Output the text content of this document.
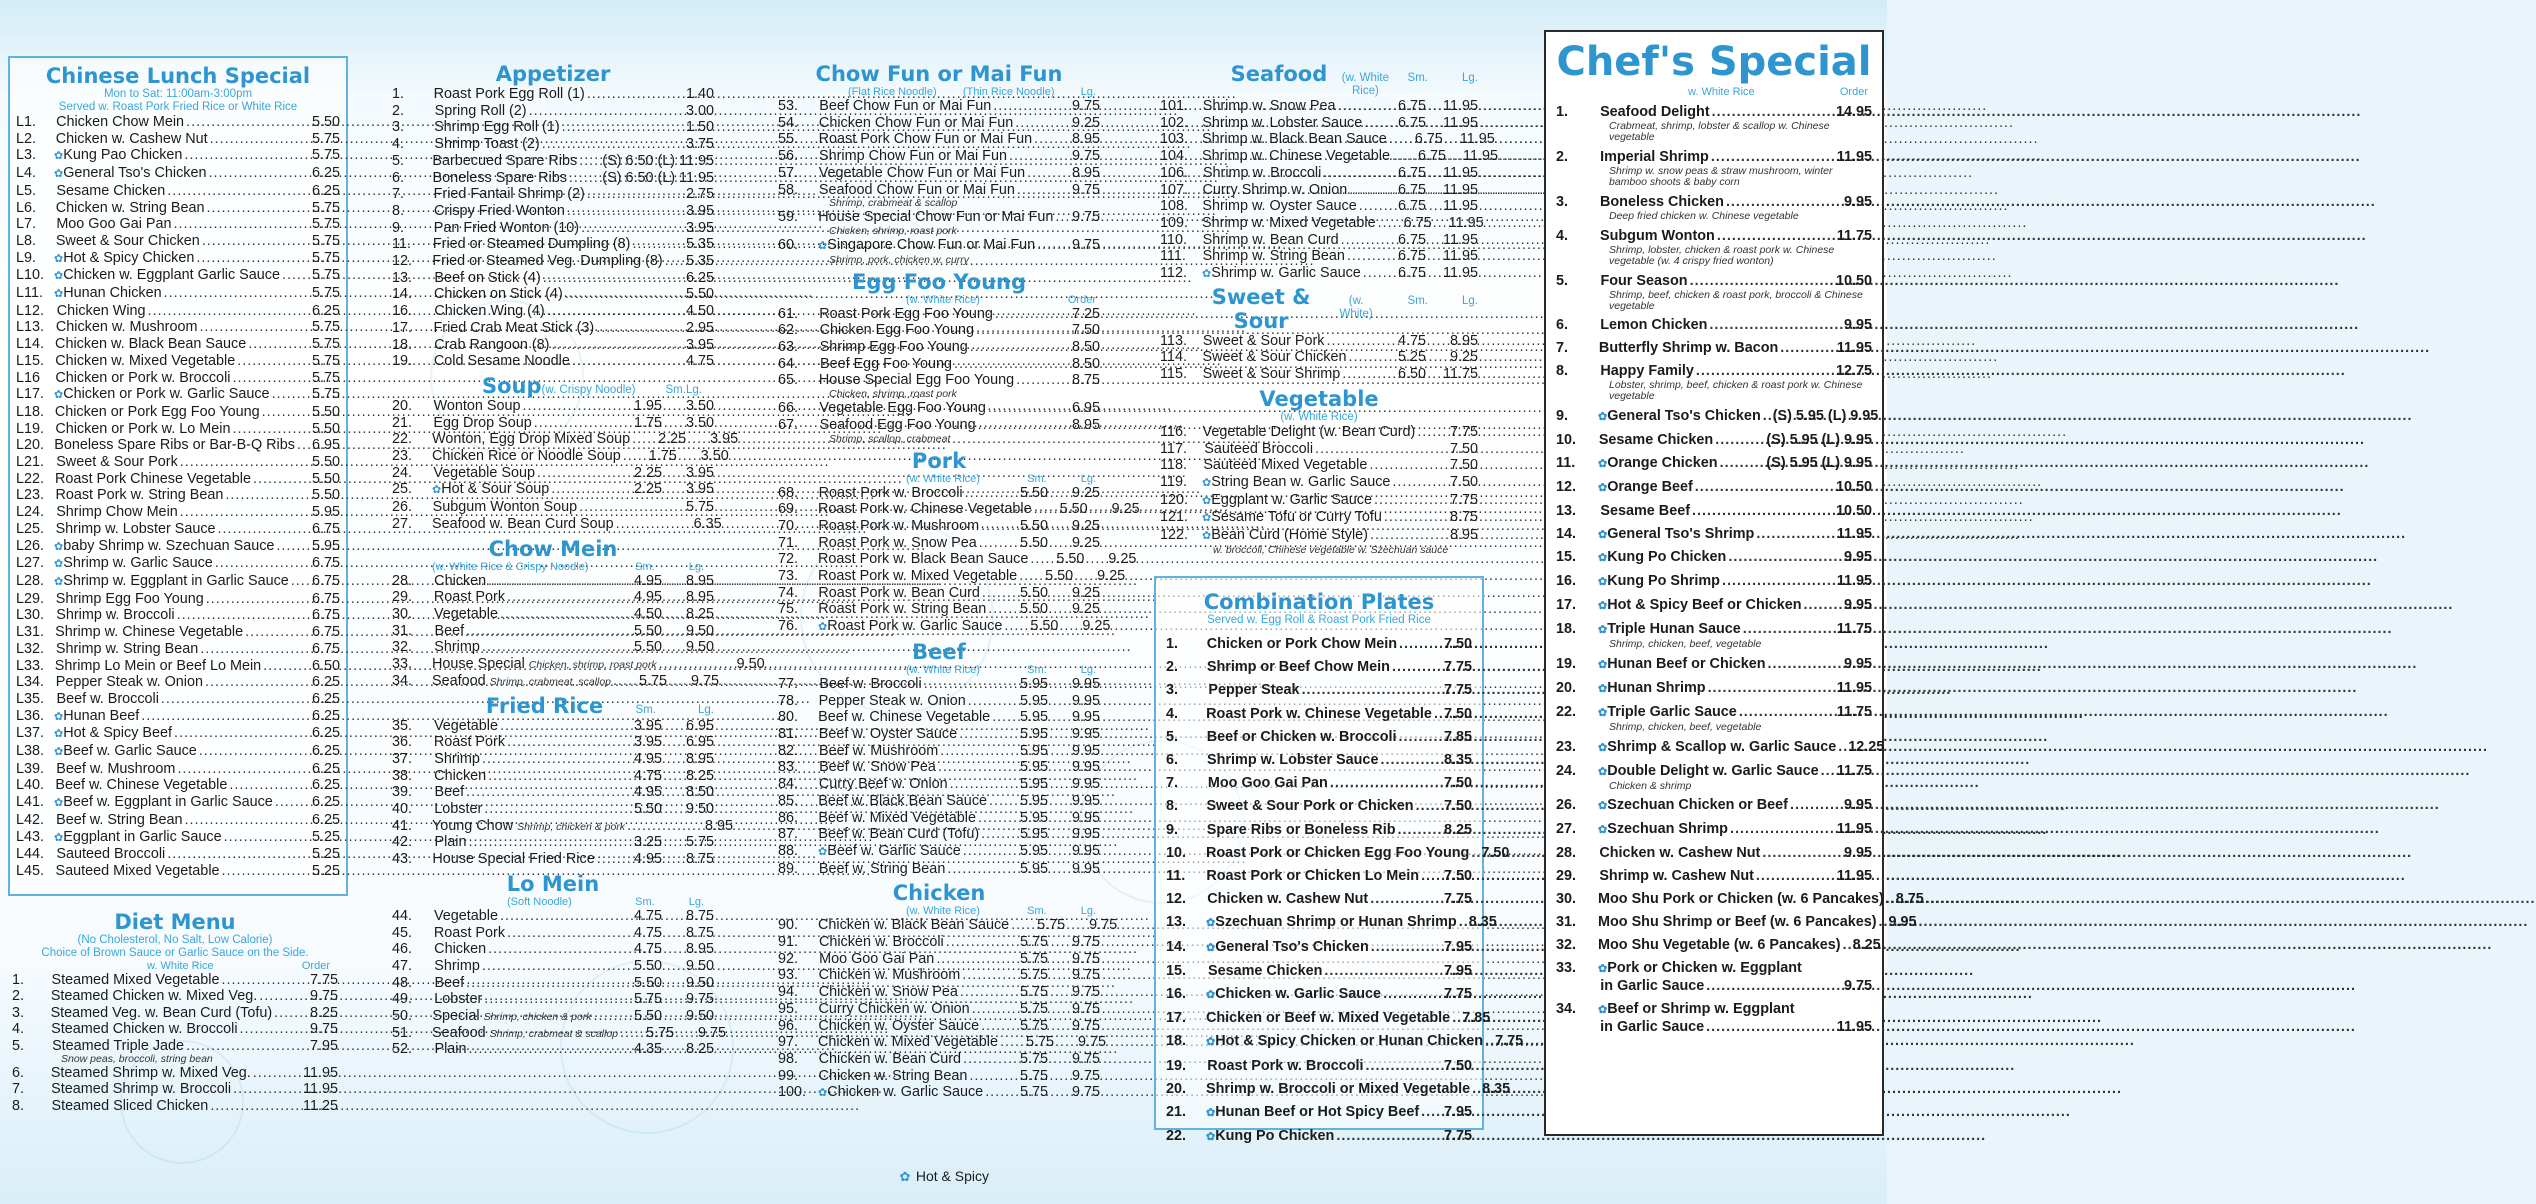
Chinese Lunch Special
Mon to Sat: 11:00am-3:00pm
Served w. Roast Pork Fried Rice or White Rice
L1.	Chicken Chow Mein .....	5.50
L2.	Chicken w. Cashew Nut .....	5.75
L3.	✿ Kung Pao Chicken .....	5.75
L4.	✿ General Tso's Chicken .....	6.25
L5.	Sesame Chicken .....	6.25
L6.	Chicken w. String Bean .....	5.75
L7.	Moo Goo Gai Pan .....	5.75
L8.	Sweet & Sour Chicken .....	5.75
L9.	✿ Hot & Spicy Chicken .....	5.75
L10. ✿ Chicken w. Eggplant Garlic Sauce ..... 5.75
L11.	✿ Hunan Chicken .....	5.75
L12. Chicken Wing .....	6.25
L13. Chicken w. Mushroom .....	5.75
L14. Chicken w. Black Bean Sauce .....	5.75
L15. Chicken w. Mixed Vegetable .....	5.75
L16	Chicken or Pork w. Broccoli .....	5.75
L17. ✿ Chicken or Pork w. Garlic Sauce .....	5.75
L18. Chicken or Pork Egg Foo Young .....	5.50
L19. Chicken or Pork w. Lo Mein .....	5.50
L20. Boneless Spare Ribs or Bar-B-Q Ribs ..... 6.95
L21. Sweet & Sour Pork .....	5.50
L22. Roast Pork Chinese Vegetable .....	5.50
L23. Roast Pork w. String Bean .....	5.50
L24. Shrimp Chow Mein .....	5.95
L25. Shrimp w. Lobster Sauce .....	6.75
L26. ✿ baby Shrimp w. Szechuan Sauce .....	5.95
L27. ✿ Shrimp w. Garlic Sauce .....	6.75
L28. ✿ Shrimp w. Eggplant in Garlic Sauce ..... 6.75
L29. Shrimp Egg Foo Young .....	6.75
L30. Shrimp w. Broccoli .....	6.75
L31. Shrimp w. Chinese Vegetable .....	6.75
L32. Shrimp w. String Bean .....	6.75
L33. Shrimp Lo Mein or Beef Lo Mein .....	6.50
L34. Pepper Steak w. Onion .....	6.25
L35. Beef w. Broccoli .....	6.25
L36. ✿ Hunan Beef .....	6.25
L37. ✿ Hot & Spicy Beef .....	6.25
L38. ✿ Beef w. Garlic Sauce .....	6.25
L39. Beef w. Mushroom .....	6.25
L40. Beef w. Chinese Vegetable .....	6.25
L41. ✿ Beef w. Eggplant in Garlic Sauce .....	6.25
L42. Beef w. String Bean .....	6.25
L43. ✿ Eggplant in Garlic Sauce .....	5.25
L44. Sauteed Broccoli .....	5.25
L45. Sauteed Mixed Vegetable .....	5.25
Diet Menu
(No Cholesterol, No Salt, Low Calorie)
Choice of Brown Sauce or Garlic Sauce on the Side.
w. White Rice	Order
1.	Steamed Mixed Vegetable .....	7.75
2.	Steamed Chicken w. Mixed Veg. .....	9.75
3.	Steamed Veg. w. Bean Curd (Tofu) .....	8.25
4.	Steamed Chicken w. Broccoli .....	9.75
5.	Steamed Triple Jade .....	7.95
Snow peas, broccoli, string bean
6.	Steamed Shrimp w. Mixed Veg. .....	11.95
7.	Steamed Shrimp w. Broccoli .....	11.95
8.	Steamed Sliced Chicken .....	11.25
Appetizer
1.	Roast Pork Egg Roll (1) .....	1.40
2.	Spring Roll (2) .....	3.00
3.	Shrimp Egg Roll (1) .....	1.50
4.	Shrimp Toast (2) .....	3.75
5.	Barbecued Spare Ribs ..... (S) 6.50 (L) 11.95
6.	Boneless Spare Ribs ..... (S) 6.50 (L) 11.95
7.	Fried Fantail Shrimp (2) .....	2.75
8.	Crispy Fried Wonton .....	3.95
9.	Pan Fried Wonton (10) .....	3.95
11.	Fried or Steamed Dumpling (8) .....	5.35
12.	Fried or Steamed Veg. Dumpling (8) ..... 5.35
13.	Beef on Stick (4) .....	6.25
14.	Chicken on Stick (4) .....	5.50
16.	Chicken Wing (4) .....	4.50
17.	Fried Crab Meat Stick (3) .....	2.95
18.	Crab Rangoon (8) .....	3.95
19.	Cold Sesame Noodle .....	4.75
Soup (w. Crispy Noodle)	Sm. Lg.
20.	Wonton Soup .....	1.95	3.50
21.	Egg Drop Soup .....	1.75	3.50
22.	Wonton, Egg Drop Mixed Soup .....	2.25	3.95
23.	Chicken Rice or Noodle Soup .....	1.75	3.50
24.	Vegetable Soup .....	2.25	3.95
25.	✿ Hot & Sour Soup .....	2.25	3.95
26.	Subgum Wonton Soup .....	5.75
27.	Seafood w. Bean Curd Soup .....	6.35
Chow Mein
(w. White Rice & Crispy Noodle)	Sm.	Lg.
28.	Chicken .....	4.95	8.95
29.	Roast Pork .....	4.95	8.95
30.	Vegetable .....	4.50	8.25
31.	Beef .....	5.50	9.50
32.	Shrimp .....	5.50	9.50
33.	House Special Chicken, shrimp, roast pork .....	9.50
34.	Seafood Shrimp, crabmeat, scallop .....	5.75	9.75
Fried Rice	Sm.	Lg.
35.	Vegetable .....	3.95	6.95
36.	Roast Pork .....	3.95	6.95
37.	Shrimp .....	4.95	8.95
38.	Chicken .....	4.75	8.25
39.	Beef .....	4.95	8.50
40.	Lobster .....	5.50	9.50
41.	Young Chow Shrimp, chicken & pork .....	8.95
42.	Plain .....	3.25	5.75
43.	House Special Fried Rice .....	4.95	8.75
Lo Mein
(Soft Noodle)	Sm.	Lg.
44.	Vegetable .....	4.75	8.75
45.	Roast Pork .....	4.75	8.75
46.	Chicken .....	4.75	8.95
47.	Shrimp .....	5.50	9.50
48.	Beef .....	5.50	9.50
49.	Lobster .....	5.75	9.75
50.	Special Shrimp, chicken & pork .....	5.50	9.50
51.	Seafood Shrimp, crabmeat & scallop .....	5.75	9.75
52.	Plain .....	4.35	8.25
Chow Fun or Mai Fun
(Flat Rice Noodle) (Thin Rice Noodle) Lg.
53.	Beef Chow Fun or Mai Fun .....	9.75
54.	Chicken Chow Fun or Mai Fun .....	9.25
55.	Roast Pork Chow Fun or Mai Fun .....	8.95
56.	Shrimp Chow Fun or Mai Fun .....	9.75
57.	Vegetable Chow Fun or Mai Fun .....	8.95
58.	Seafood Chow Fun or Mai Fun .....	9.75
Shrimp, crabmeat & scallop
59.	House Special Chow Fun or Mai Fun ..... 9.75
Chicken, shrimp, roast pork
60.	✿ Singapore Chow Fun or Mai Fun .....	9.75
Shrimp, pork, chicken w. curry
Egg Foo Young
(w. White Rice)	Order
61.	Roast Pork Egg Foo Young .....	7.25
62.	Chicken Egg Foo Young .....	7.50
63.	Shrimp Egg Foo Young .....	8.50
64.	Beef Egg Foo Young .....	8.50
65.	House Special Egg Foo Young .....	8.75
Chicken, shrimp, roast pork
66.	Vegetable Egg Foo Young .....	6.95
67.	Seafood Egg Foo Young .....	8.95
Shrimp, scallop, crabmeat
Pork
(w. White Rice)	Sm.	Lg.
68.	Roast Pork w. Broccoli .....	5.50	9.25
69.	Roast Pork w. Chinese Vegetable .....	5.50	9.25
70.	Roast Pork w. Mushroom .....	5.50	9.25
71.	Roast Pork w. Snow Pea .....	5.50	9.25
72.	Roast Pork w. Black Bean Sauce .....	5.50	9.25
73.	Roast Pork w. Mixed Vegetable .....	5.50	9.25
74.	Roast Pork w. Bean Curd .....	5.50	9.25
75.	Roast Pork w. String Bean .....	5.50	9.25
76.	✿ Roast Pork w. Garlic Sauce .....	5.50	9.25
Beef
(w. White Rice)	Sm.	Lg.
77.	Beef w. Broccoli .....	5.95	9.95
78.	Pepper Steak w. Onion .....	5.95	9.95
80.	Beef w. Chinese Vegetable .....	5.95	9.95
81.	Beef w. Oyster Sauce .....	5.95	9.95
82.	Beef w. Mushroom .....	5.95	9.95
83.	Beef w. Snow Pea .....	5.95	9.95
84.	Curry Beef w. Onion .....	5.95	9.95
85.	Beef w. Black Bean Sauce .....	5.95	9.95
86.	Beef w. Mixed Vegetable .....	5.95	9.95
87.	Beef w. Bean Curd (Tofu) .....	5.95	9.95
88.	✿ Beef w. Garlic Sauce .....	5.95	9.95
89.	Beef w. String Bean .....	5.95	9.95
Chicken
(w. White Rice)	Sm.	Lg.
90.	Chicken w. Black Bean Sauce .....	5.75	9.75
91.	Chicken w. Broccoli .....	5.75	9.75
92.	Moo Goo Gai Pan .....	5.75	9.75
93.	Chicken w. Mushroom .....	5.75	9.75
94.	Chicken w. Snow Pea .....	5.75	9.75
95.	Curry Chicken w. Onion .....	5.75	9.75
96.	Chicken w. Oyster Sauce .....	5.75	9.75
97.	Chicken w. Mixed Vegetable .....	5.75	9.75
98.	Chicken w. Bean Curd .....	5.75	9.75
99.	Chicken w. String Bean .....	5.75	9.75
100.	✿ Chicken w. Garlic Sauce .....	5.75	9.75
Seafood	(w. White Rice)
Sm.	Lg.
101.	Shrimp w. Snow Pea .....	6.75	11.95
102. Shrimp w. Lobster Sauce .....	6.75	11.95
103. Shrimp w. Black Bean Sauce .....	6.75	11.95
104. Shrimp w. Chinese Vegetable .....	6.75	11.95
106.	Shrimp w. Broccoli .....	6.75	11.95
107.	Curry Shrimp w. Onion .....	6.75	11.95
108. Shrimp w. Oyster Sauce .....	6.75	11.95
109. Shrimp w. Mixed Vegetable .....	6.75	11.95
110.	Shrimp w. Bean Curd .....	6.75	11.95
111.	Shrimp w. String Bean .....	6.75	11.95
112.	✿ Shrimp w. Garlic Sauce .....	6.75	11.95
Sweet & Sour
(w. White)
Sm.	Lg.
113.	Sweet & Sour Pork .....	4.75	8.95
114.	Sweet & Sour Chicken .....	5.25	9.25
115.	Sweet & Sour Shrimp .....	6.50	11.75
Vegetable
(w. White Rice)
116.	Vegetable Delight (w. Bean Curd) ..... 7.75
117.	Sauteed Broccoli .....	7.50
118.	Sauteed Mixed Vegetable .....	7.50
119.	✿ String Bean w. Garlic Sauce .....	7.50
120.	✿ Eggplant w. Garlic Sauce .....	7.75
121.	✿ Sesame Tofu or Curry Tofu .....	8.75
122.	✿ Bean Curd (Home Style) .....	8.95
w. broccoli, Chinese vegetable w. Szechuan sauce
Combination Plates
Served w. Egg Roll & Roast Pork Fried Rice
1.	Chicken or Pork Chow Mein .....	7.50
2.	Shrimp or Beef Chow Mein .....	7.75
3.	Pepper Steak .....	7.75
4.	Roast Pork w. Chinese Vegetable ..... 7.50
5.	Beef or Chicken w. Broccoli .....	7.85
6.	Shrimp w. Lobster Sauce .....	8.35
7.	Moo Goo Gai Pan .....	7.50
8.	Sweet & Sour Pork or Chicken ..... 7.50
9.	Spare Ribs or Boneless Rib .....	8.25
10.	Roast Pork or Chicken Egg Foo Young ..... 7.50
11.	Roast Pork or Chicken Lo Mein ..... 7.50
12.	Chicken w. Cashew Nut .....	7.75
13.	✿ Szechuan Shrimp or Hunan Shrimp ..... 8.35
14.	✿ General Tso's Chicken .....	7.95
15.	Sesame Chicken .....	7.95
16.	✿ Chicken w. Garlic Sauce .....	7.75
17.	Chicken or Beef w. Mixed Vegetable ..... 7.85
18.	✿ Hot & Spicy Chicken or Hunan Chicken ..... 7.75
19.	Roast Pork w. Broccoli .....	7.50
20.	Shrimp w. Broccoli or Mixed Vegetable ..... 8.35
21.	✿ Hunan Beef or Hot Spicy Beef ..... 7.95
22.	✿ Kung Po Chicken .....	7.75
Chef's Special
w. White Rice	Order
1.	Seafood Delight .....	14.95
Crabmeat, shrimp, lobster & scallop w. Chinese vegetable
2.	Imperial Shrimp .....	11.95
Shrimp w. snow peas & straw mushroom, winter bamboo shoots & baby corn
3.	Boneless Chicken .....	9.95
Deep fried chicken w. Chinese vegetable
4.	Subgum Wonton .....	11.75
Shrimp, lobster, chicken & roast pork w. Chinese vegetable (w. 4 crispy fried wonton)
5.	Four Season .....	10.50
Shrimp, beef, chicken & roast pork, broccoli & Chinese vegetable
6.	Lemon Chicken .....	9.95
7.	Butterfly Shrimp w. Bacon .....	11.95
8.	Happy Family .....	12.75
Lobster, shrimp, beef, chicken & roast pork w. Chinese vegetable
9.	✿ General Tso's Chicken ..... (S) 5.95 (L) 9.95
10.	Sesame Chicken .....	(S) 5.95 (L) 9.95
11.	✿ Orange Chicken .....	(S) 5.95 (L) 9.95
12.	✿ Orange Beef .....	10.50
13.	Sesame Beef .....	10.50
14.	✿ General Tso's Shrimp .....	11.95
15.	✿ Kung Po Chicken .....	9.95
16.	✿ Kung Po Shrimp .....	11.95
17.	✿ Hot & Spicy Beef or Chicken .....	9.95
18.	✿ Triple Hunan Sauce .....	11.75
Shrimp, chicken, beef, vegetable
19.	✿ Hunan Beef or Chicken .....	9.95
20.	✿ Hunan Shrimp .....	11.95
22.	✿ Triple Garlic Sauce .....	11.75
Shrimp, chicken, beef, vegetable
23.	✿ Shrimp & Scallop w. Garlic Sauce ..... 12.25
24.	✿ Double Delight w. Garlic Sauce ..... 11.75
Chicken & shrimp
26.	✿ Szechuan Chicken or Beef .....	9.95
27.	✿ Szechuan Shrimp .....	11.95
28.	Chicken w. Cashew Nut .....	9.95
29.	Shrimp w. Cashew Nut .....	11.95
30.	Moo Shu Pork or Chicken (w. 6 Pancakes) ..... 8.75
31.	Moo Shu Shrimp or Beef (w. 6 Pancakes) ..... 9.95
32.	Moo Shu Vegetable (w. 6 Pancakes) ..... 8.25
33.	✿ Pork or Chicken w. Eggplant
in Garlic Sauce .....	9.75
34.	✿ Beef or Shrimp w. Eggplant
in Garlic Sauce .....	11.95
✿ Hot & Spicy
